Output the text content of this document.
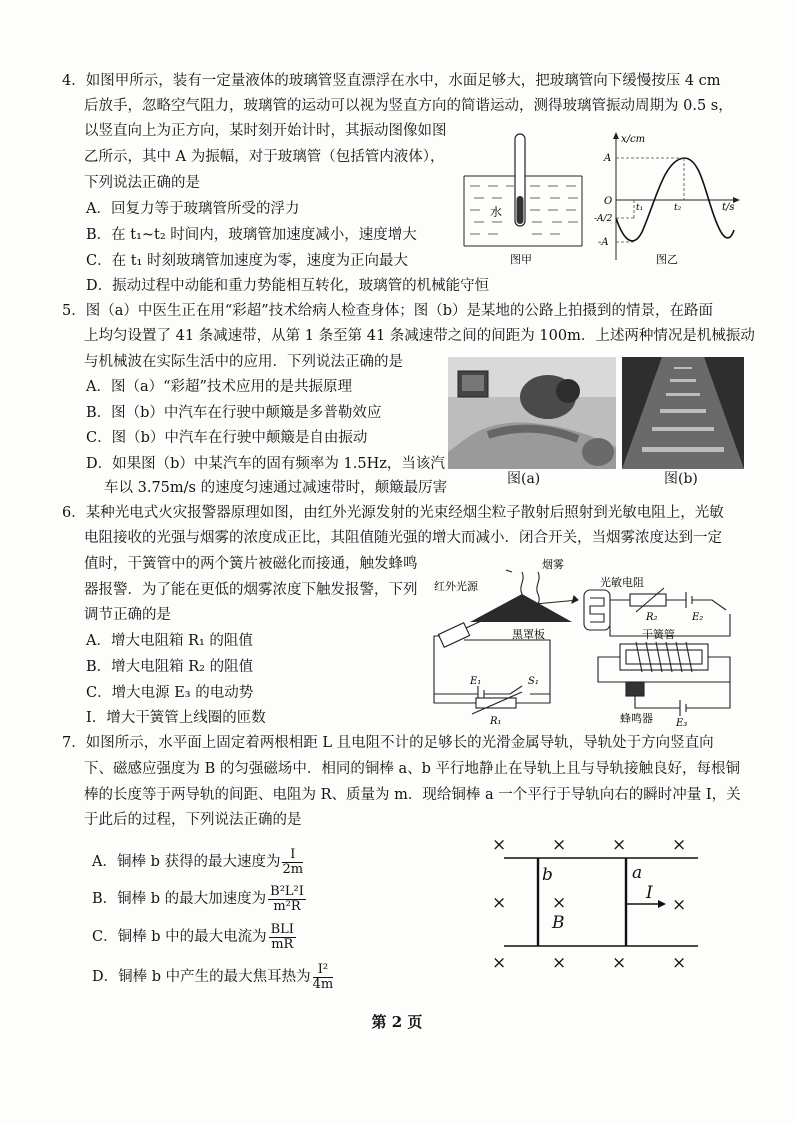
4．如图甲所示，装有一定量液体的玻璃管竖直漂浮在水中，水面足够大，把玻璃管向下缓慢按压 4 cm
后放手，忽略空气阻力，玻璃管的运动可以视为竖直方向的简谐运动，测得玻璃管振动周期为 0.5 s，
以竖直向上为正方向，某时刻开始计时，其振动图像如图
乙所示，其中 A 为振幅，对于玻璃管（包括管内液体），
下列说法正确的是
A．回复力等于玻璃管所受的浮力
B．在 t₁~t₂ 时间内，玻璃管加速度减小，速度增大
C．在 t₁ 时刻玻璃管加速度为零，速度为正向最大
D．振动过程中动能和重力势能相互转化，玻璃管的机械能守恒
水
图甲
x/cm
A
O
-A/2
-A
t₁	t₂	t/s
图乙
5．图（a）中医生正在用“彩超”技术给病人检查身体；图（b）是某地的公路上拍摄到的情景，在路面
上均匀设置了 41 条减速带，从第 1 条至第 41 条减速带之间的间距为 100m．上述两种情况是机械振动
与机械波在实际生活中的应用．下列说法正确的是
A．图（a）“彩超”技术应用的是共振原理
B．图（b）中汽车在行驶中颠簸是多普勒效应
C．图（b）中汽车在行驶中颠簸是自由振动
D．如果图（b）中某汽车的固有频率为 1.5Hz，当该汽
车以 3.75m/s 的速度匀速通过减速带时，颠簸最厉害
图(a)	图(b)
6．某种光电式火灾报警器原理如图，由红外光源发射的光束经烟尘粒子散射后照射到光敏电阻上，光敏
电阻接收的光强与烟雾的浓度成正比，其阻值随光强的增大而减小．闭合开关，当烟雾浓度达到一定
值时，干簧管中的两个簧片被磁化而接通，触发蜂鸣
器报警．为了能在更低的烟雾浓度下触发报警，下列
调节正确的是
A．增大电阻箱 R₁ 的阻值
B．增大电阻箱 R₂ 的阻值
C．增大电源 E₃ 的电动势
I．增大干簧管上线圈的匝数
烟雾
红外光源	光敏电阻
黑罩板	干簧管
蜂鸣器
R₂	E₂
E₁	S₁
R₁	E₃
7．如图所示，水平面上固定着两根相距 L 且电阻不计的足够长的光滑金属导轨，导轨处于方向竖直向
下、磁感应强度为 B 的匀强磁场中．相同的铜棒 a、b 平行地静止在导轨上且与导轨接触良好，每根铜
棒的长度等于两导轨的间距、电阻为 R、质量为 m．现给铜棒 a 一个平行于导轨向右的瞬时冲量 I，关
于此后的过程，下列说法正确的是
A．铜棒 b 获得的最大速度为 $\frac{I}{2m}$
B．铜棒 b 的最大加速度为 $\frac{\text{B²L²I}}{\text{m²R}}$
C．铜棒 b 中的最大电流为 $\frac{\text{BLI}}{mR}$
D．铜棒 b 中产生的最大焦耳热为 $\frac{\text{I²}}{4m}$
×	×	×	×
×	×	×
×	×	×	×
b	a
I
B
第 2 页
